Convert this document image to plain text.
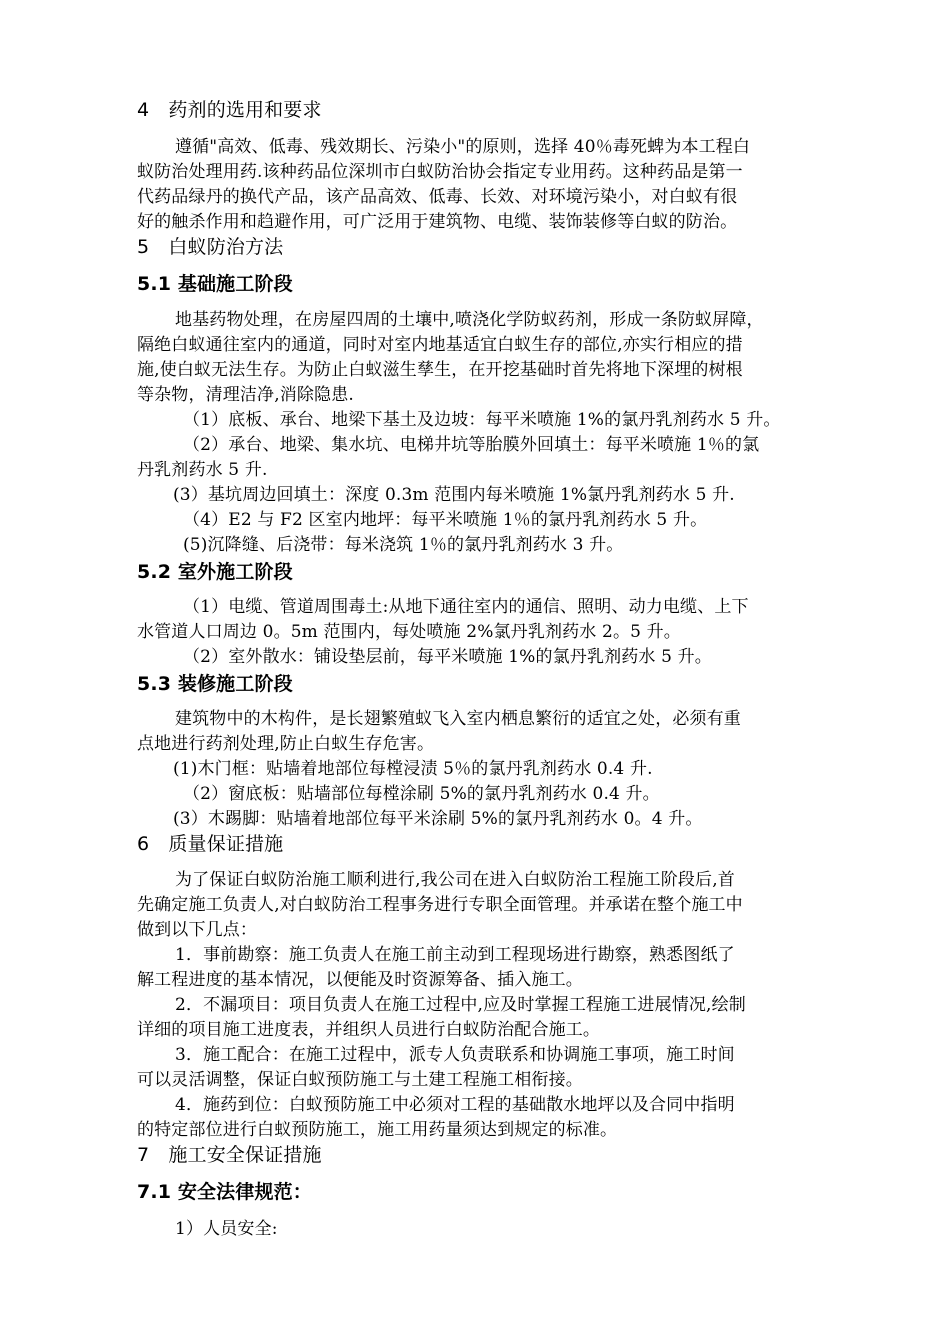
4　药剂的选用和要求
遵循"高效、低毒、残效期长、污染小"的原则，选择 40％毒死蜱为本工程白
蚁防治处理用药.该种药品位深圳市白蚁防治协会指定专业用药。这种药品是第一
代药品绿丹的换代产品，该产品高效、低毒、长效、对环境污染小，对白蚁有很
好的触杀作用和趋避作用，可广泛用于建筑物、电缆、装饰装修等白蚁的防治。
5　白蚁防治方法
5.1 基础施工阶段
地基药物处理，在房屋四周的土壤中,喷浇化学防蚁药剂，形成一条防蚁屏障，
隔绝白蚁通往室内的通道，同时对室内地基适宜白蚁生存的部位,亦实行相应的措
施,使白蚁无法生存。为防止白蚁滋生孳生，在开挖基础时首先将地下深埋的树根
等杂物，清理洁净,消除隐患.
（1）底板、承台、地梁下基土及边坡：每平米喷施 1%的氯丹乳剂药水 5 升。
（2）承台、地梁、集水坑、电梯井坑等胎膜外回填土：每平米喷施 1％的氯
丹乳剂药水 5 升.
(3）基坑周边回填土：深度 0.3m 范围内每米喷施 1%氯丹乳剂药水 5 升.
（4）E2 与 F2 区室内地坪：每平米喷施 1％的氯丹乳剂药水 5 升。
(5)沉降缝、后浇带：每米浇筑 1％的氯丹乳剂药水 3 升。
5.2 室外施工阶段
（1）电缆、管道周围毒土:从地下通往室内的通信、照明、动力电缆、上下
水管道人口周边 0。5m 范围内，每处喷施 2%氯丹乳剂药水 2。5 升。
（2）室外散水：铺设垫层前，每平米喷施 1%的氯丹乳剂药水 5 升。
5.3 装修施工阶段
建筑物中的木构件，是长翅繁殖蚁飞入室内栖息繁衍的适宜之处，必须有重
点地进行药剂处理,防止白蚁生存危害。
(1)木门框：贴墙着地部位每樘浸渍 5％的氯丹乳剂药水 0.4 升.
（2）窗底板：贴墙部位每樘涂刷 5%的氯丹乳剂药水 0.4 升。
(3）木踢脚：贴墙着地部位每平米涂刷 5%的氯丹乳剂药水 0。4 升。
6　质量保证措施
为了保证白蚁防治施工顺利进行,我公司在进入白蚁防治工程施工阶段后,首
先确定施工负责人,对白蚁防治工程事务进行专职全面管理。并承诺在整个施工中
做到以下几点：
1．事前勘察：施工负责人在施工前主动到工程现场进行勘察，熟悉图纸了
解工程进度的基本情况，以便能及时资源筹备、插入施工。
2．不漏项目：项目负责人在施工过程中,应及时掌握工程施工进展情况,绘制
详细的项目施工进度表，并组织人员进行白蚁防治配合施工。
3．施工配合：在施工过程中，派专人负责联系和协调施工事项，施工时间
可以灵活调整，保证白蚁预防施工与土建工程施工相衔接。
4．施药到位：白蚁预防施工中必须对工程的基础散水地坪以及合同中指明
的特定部位进行白蚁预防施工，施工用药量须达到规定的标准。
7　施工安全保证措施
7.1 安全法律规范：
1）人员安全:
